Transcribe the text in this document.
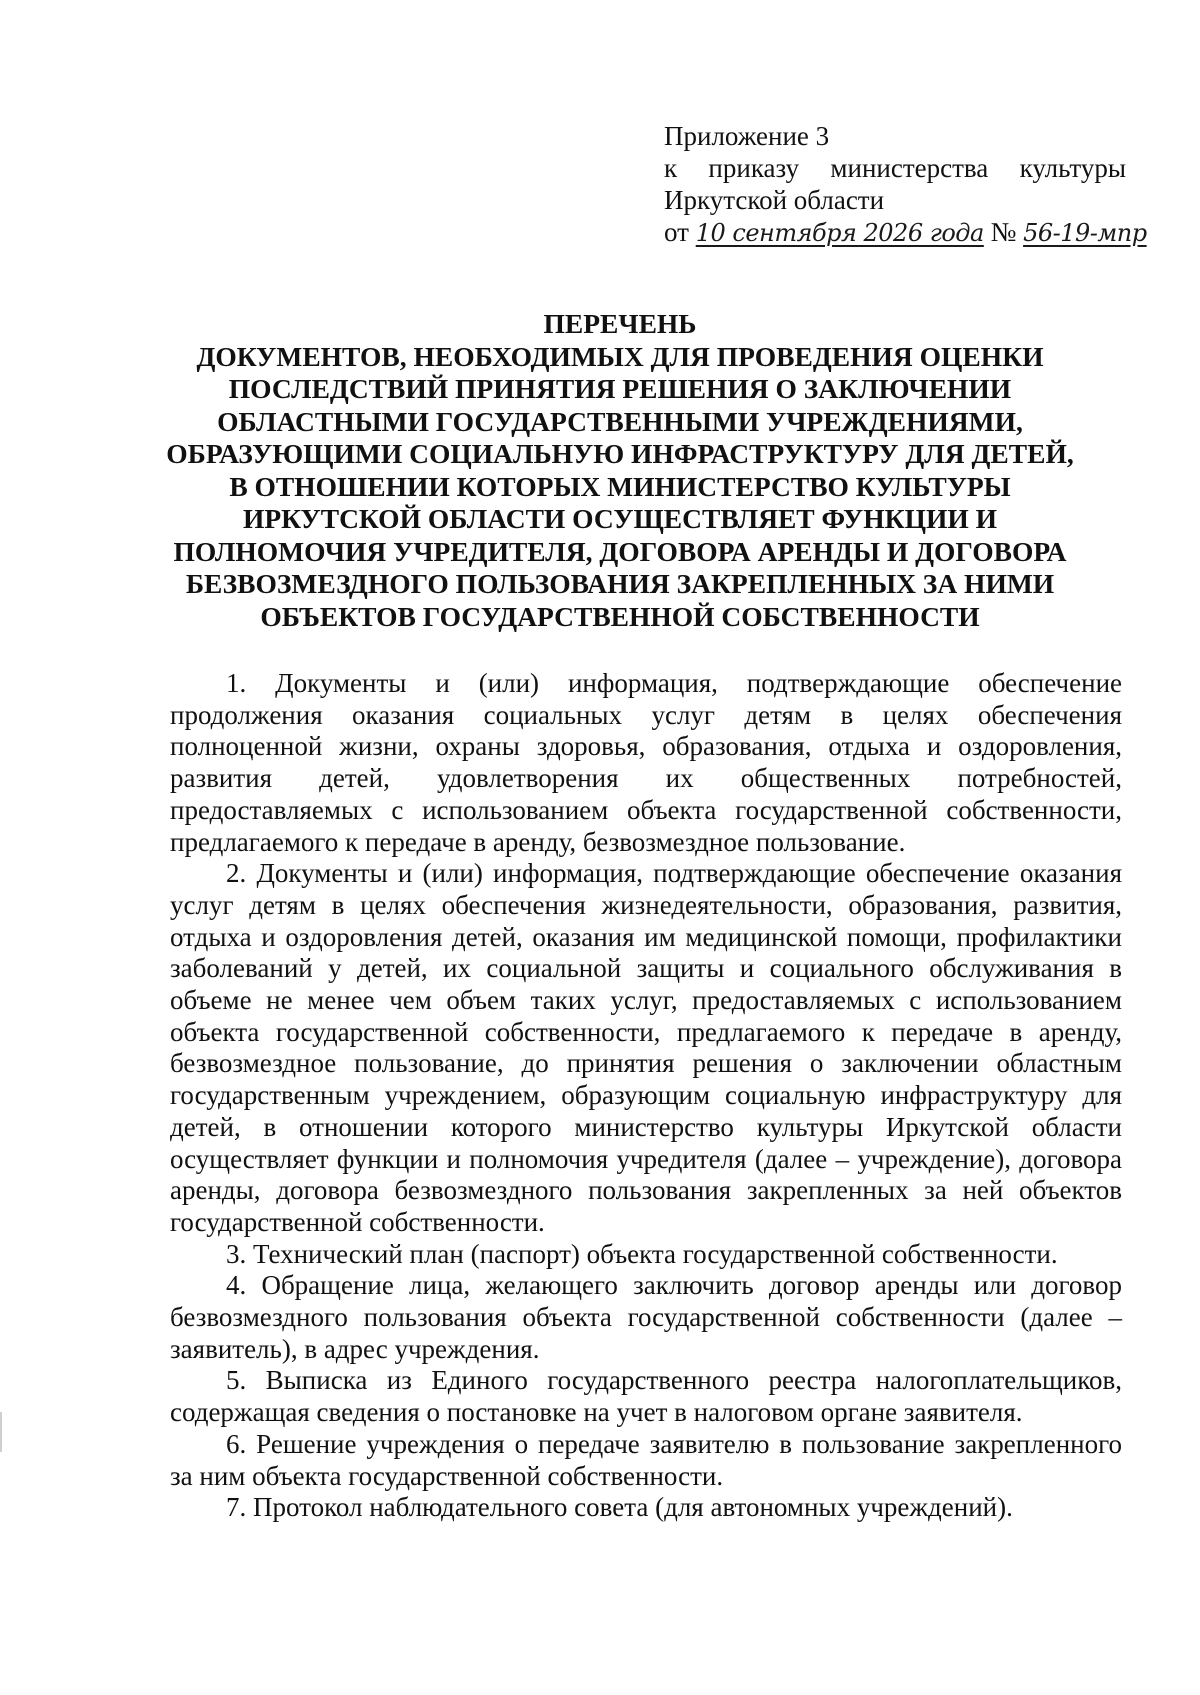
Приложение 3
к приказу министерства культуры
Иркутской области
от 10 сентября 2026 года № 56-19-мпр
ПЕРЕЧЕНЬ
ДОКУМЕНТОВ, НЕОБХОДИМЫХ ДЛЯ ПРОВЕДЕНИЯ ОЦЕНКИ
ПОСЛЕДСТВИЙ ПРИНЯТИЯ РЕШЕНИЯ О ЗАКЛЮЧЕНИИ
ОБЛАСТНЫМИ ГОСУДАРСТВЕННЫМИ УЧРЕЖДЕНИЯМИ,
ОБРАЗУЮЩИМИ СОЦИАЛЬНУЮ ИНФРАСТРУКТУРУ ДЛЯ ДЕТЕЙ,
В ОТНОШЕНИИ КОТОРЫХ МИНИСТЕРСТВО КУЛЬТУРЫ
ИРКУТСКОЙ ОБЛАСТИ ОСУЩЕСТВЛЯЕТ ФУНКЦИИ И
ПОЛНОМОЧИЯ УЧРЕДИТЕЛЯ, ДОГОВОРА АРЕНДЫ И ДОГОВОРА
БЕЗВОЗМЕЗДНОГО ПОЛЬЗОВАНИЯ ЗАКРЕПЛЕННЫХ ЗА НИМИ
ОБЪЕКТОВ ГОСУДАРСТВЕННОЙ СОБСТВЕННОСТИ

1. Документы и (или) информация, подтверждающие обеспечение продолжения оказания социальных услуг детям в целях обеспечения полноценной жизни, охраны здоровья, образования, отдыха и оздоровления, развития детей, удовлетворения их общественных потребностей, предоставляемых с использованием объекта государственной собственности, предлагаемого к передаче в аренду, безвозмездное пользование.

2. Документы и (или) информация, подтверждающие обеспечение оказания услуг детям в целях обеспечения жизнедеятельности, образования, развития, отдыха и оздоровления детей, оказания им медицинской помощи, профилактики заболеваний у детей, их социальной защиты и социального обслуживания в объеме не менее чем объем таких услуг, предоставляемых с использованием объекта государственной собственности, предлагаемого к передаче в аренду, безвозмездное пользование, до принятия решения о заключении областным государственным учреждением, образующим социальную инфраструктуру для детей, в отношении которого министерство культуры Иркутской области осуществляет функции и полномочия учредителя (далее – учреждение), договора аренды, договора безвозмездного пользования закрепленных за ней объектов государственной собственности.

3. Технический план (паспорт) объекта государственной собственности.

4. Обращение лица, желающего заключить договор аренды или договор безвозмездного пользования объекта государственной собственности (далее – заявитель), в адрес учреждения.

5. Выписка из Единого государственного реестра налогоплательщиков, содержащая сведения о постановке на учет в налоговом органе заявителя.

6. Решение учреждения о передаче заявителю в пользование закрепленного за ним объекта государственной собственности.

7. Протокол наблюдательного совета (для автономных учреждений).
